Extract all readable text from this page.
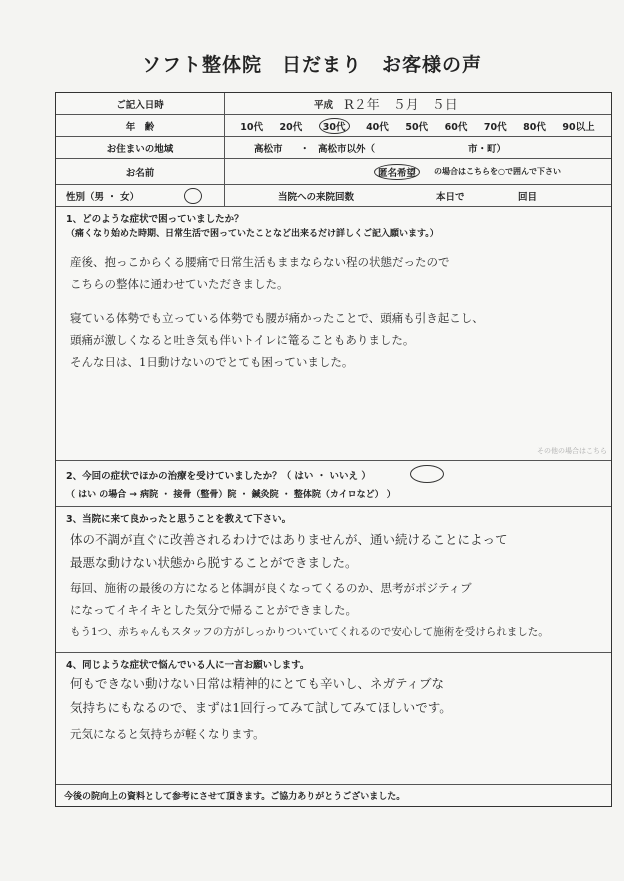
ソフト整体院　日だまり　お客様の声
ご記入日時	平成 R２年　５月　５日
年　齢	10代 20代	30代	40代 50代 60代 70代 80代 90以上
お住まいの地域	高松市 ・ 高松市以外（	市・町）
お名前	匿名希望	の場合はこちらを○で囲んで下さい
性別（男 ・ 女）	当院への来院回数	本日で	回目
1、どのような症状で困っていましたか？
（痛くなり始めた時期、日常生活で困っていたことなど出来るだけ詳しくご記入願います。）
産後、抱っこからくる腰痛で日常生活もままならない程の状態だったので
こちらの整体に通わせていただきました。
寝ている体勢でも立っている体勢でも腰が痛かったことで、頭痛も引き起こし、
頭痛が激しくなると吐き気も伴いトイレに篭ることもありました。
そんな日は、1日動けないのでとても困っていました。
その他の場合はこちら
2、今回の症状でほかの治療を受けていましたか？（ はい ・ いいえ ）
（ はい の場合 → 病院 ・ 接骨（整骨）院 ・ 鍼灸院 ・ 整体院（カイロなど） ）
3、当院に来て良かったと思うことを教えて下さい。
体の不調が直ぐに改善されるわけではありませんが、通い続けることによって
最悪な動けない状態から脱することができました。
毎回、施術の最後の方になると体調が良くなってくるのか、思考がポジティブ
になってイキイキとした気分で帰ることができました。
もう1つ、赤ちゃんもスタッフの方がしっかりついていてくれるので安心して施術を受けられました。
4、同じような症状で悩んでいる人に一言お願いします。
何もできない動けない日常は精神的にとても辛いし、ネガティブな
気持ちにもなるので、まずは1回行ってみて試してみてほしいです。
元気になると気持ちが軽くなります。
今後の院向上の資料として参考にさせて頂きます。ご協力ありがとうございました。
